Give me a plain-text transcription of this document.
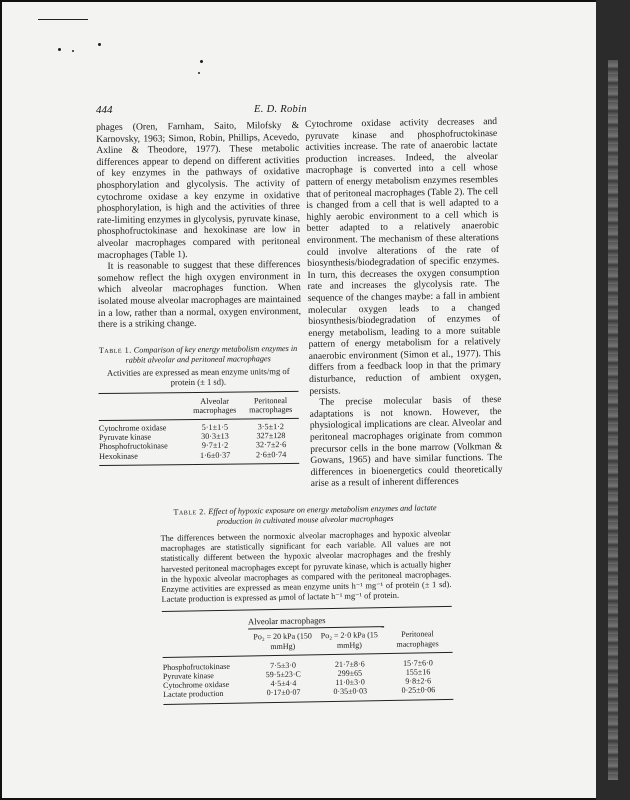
444	E. D. Robin

phages (Oren, Farnham, Saito, Milofsky & Karnovsky, 1963; Simon, Robin, Phillips, Acevedo, Axline & Theodore, 1977). These metabolic differences appear to depend on different activities of key enzymes in the pathways of oxidative phosphorylation and glycolysis. The activity of cytochrome oxidase a key enzyme in oxidative phosphorylation, is high and the activities of three rate-limiting enzymes in glycolysis, pyruvate kinase, phosphofructokinase and hexokinase are low in alveolar macrophages compared with peritoneal macrophages (Table 1).

It is reasonable to suggest that these differences somehow reflect the high oxygen environment in which alveolar macrophages function. When isolated mouse alveolar macrophages are maintained in a low, rather than a normal, oxygen environment, there is a striking change.

Cytochrome oxidase activity decreases and pyruvate kinase and phosphofructokinase activities increase. The rate of anaerobic lactate production increases. Indeed, the alveolar macrophage is converted into a cell whose pattern of energy metabolism enzymes resembles that of peritoneal macrophages (Table 2). The cell is changed from a cell that is well adapted to a highly aerobic environment to a cell which is better adapted to a relatively anaerobic environment. The mechanism of these alterations could involve alterations of the rate of biosynthesis/biodegradation of specific enzymes. In turn, this decreases the oxygen consumption rate and increases the glycolysis rate. The sequence of the changes maybe: a fall in ambient molecular oxygen leads to a changed biosynthesis/biodegradation of enzymes of energy metabolism, leading to a more suitable pattern of energy metabolism for a relatively anaerobic environment (Simon et al., 1977). This differs from a feedback loop in that the primary disturbance, reduction of ambient oxygen, persists.

The precise molecular basis of these adaptations is not known. However, the physiological implications are clear. Alveolar and peritoneal macrophages originate from common precursor cells in the bone marrow (Volkman & Gowans, 1965) and have similar functions. The differences in bioenergetics could theoretically arise as a result of inherent differences

Table 1. Comparison of key energy metabolism enzymes in rabbit alveolar and peritoneal macrophages
Activities are expressed as mean enzyme units/mg of protein (± 1 sd).
	Alveolar macrophages	Peritoneal macrophages

Cytochrome oxidase	5·1±1·5	3·5±1·2
Pyruvate kinase	30·3±13	327±128
Phosphofructokinase	9·7±1·2	32·7±2·6
Hexokinase	1·6±0·37	2·6±0·74
Table 2. Effect of hypoxic exposure on energy metabolism enzymes and lactate production in cultivated mouse alveolar macrophages
The differences between the normoxic alveolar macrophages and hypoxic alveolar macrophages are statistically significant for each variable. All values are not statistically different between the hypoxic alveolar macrophages and the freshly harvested peritoneal macrophages except for pyruvate kinase, which is actually higher in the hypoxic alveolar macrophages as compared with the peritoneal macrophages. Enzyme activities are expressed as mean enzyme units h⁻¹ mg⁻¹ of protein (± 1 sd). Lactate production is expressed as μmol of lactate h⁻¹ mg⁻¹ of protein.
Alveolar macrophages
	Po₂ = 20 kPa (150 mmHg)	Po₂ = 2·0 kPa (15 mmHg)	Peritoneal macrophages

Phosphofructokinase	7·5±3·0	21·7±8·6	15·7±6·0
Pyruvate kinase	59·5±23·C	299±65	155±16
Cytochrome oxidase	4·5±4·4	11·0±3·0	9·8±2·6
Lactate production	0·17±0·07	0·35±0·03	0·25±0·06
